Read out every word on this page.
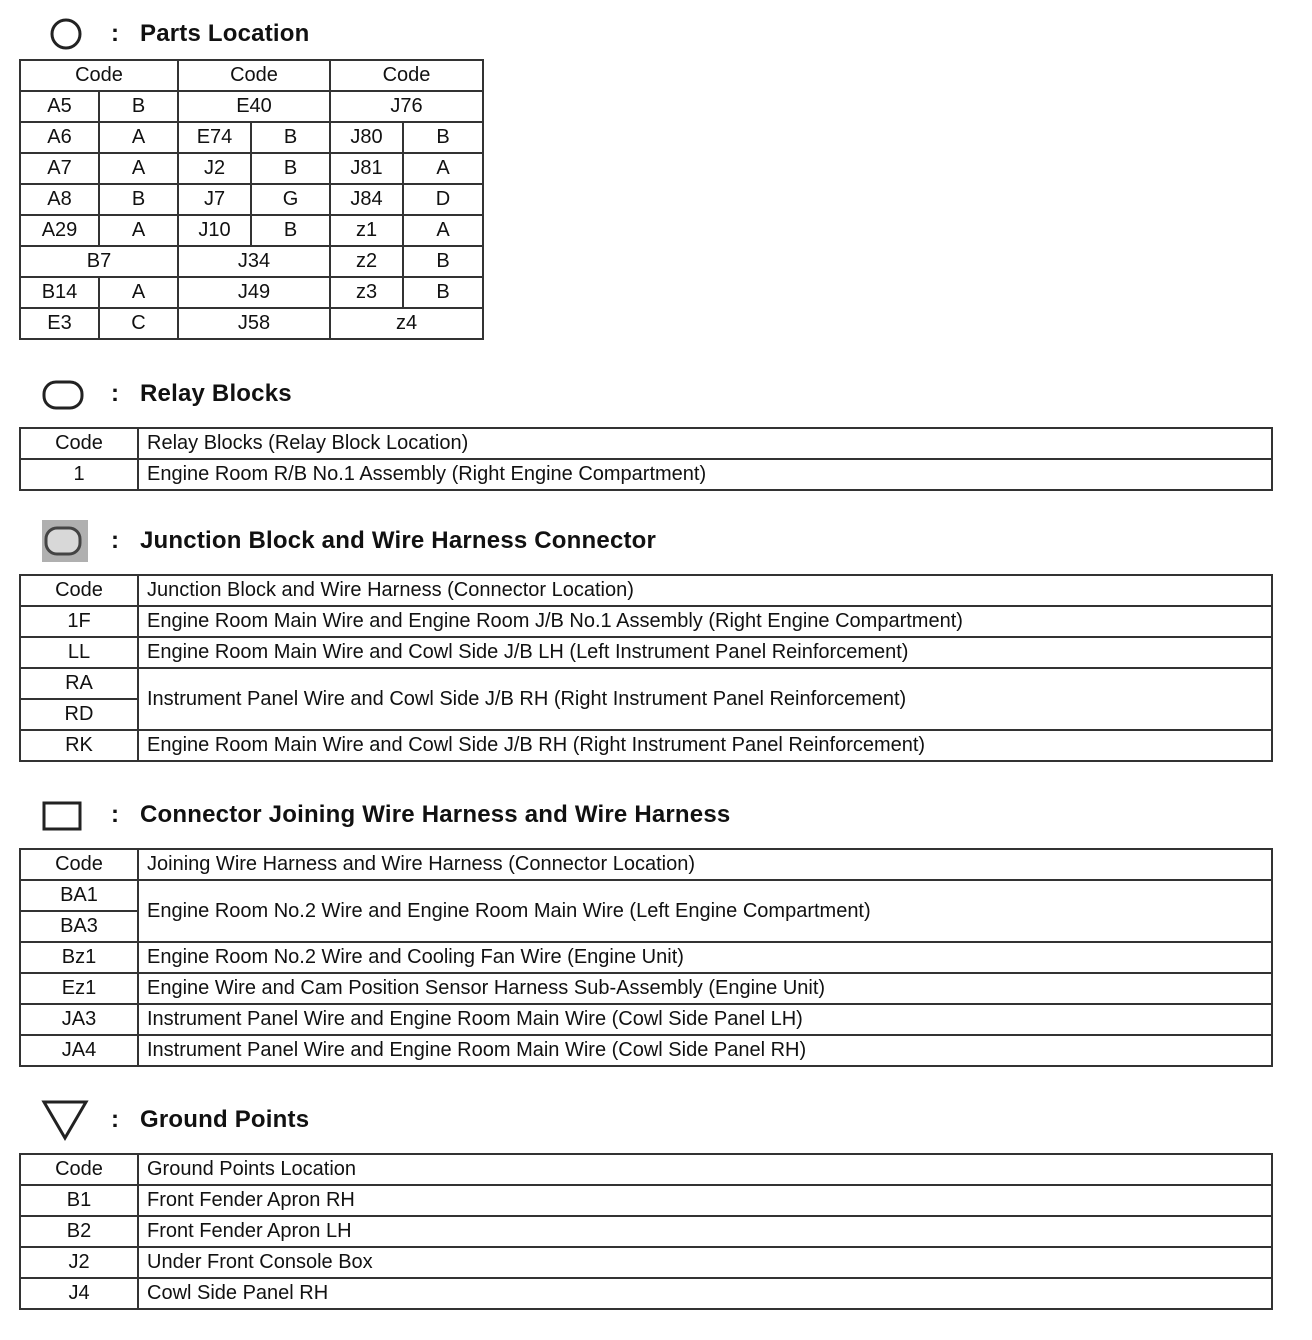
: Parts Location
Code		Code		Code	
A5	B	E40		J76	
A6	A	E74	B	J80	B
A7	A	J2	B	J81	A
A8	B	J7	G	J84	D
A29	A	J10	B	z1	A
B7		J34		z2	B
B14	A	J49		z3	B
E3	C	J58		z4	
: Relay Blocks
Code	Relay Blocks (Relay Block Location)
1	Engine Room R/B No.1 Assembly (Right Engine Compartment)
: Junction Block and Wire Harness Connector
Code	Junction Block and Wire Harness (Connector Location)
1F	Engine Room Main Wire and Engine Room J/B No.1 Assembly (Right Engine Compartment)
LL	Engine Room Main Wire and Cowl Side J/B LH (Left Instrument Panel Reinforcement)
RA	Instrument Panel Wire and Cowl Side J/B RH (Right Instrument Panel Reinforcement)
RD	
RK	Engine Room Main Wire and Cowl Side J/B RH (Right Instrument Panel Reinforcement)
: Connector Joining Wire Harness and Wire Harness
Code	Joining Wire Harness and Wire Harness (Connector Location)
BA1	Engine Room No.2 Wire and Engine Room Main Wire (Left Engine Compartment)
BA3	
Bz1	Engine Room No.2 Wire and Cooling Fan Wire (Engine Unit)
Ez1	Engine Wire and Cam Position Sensor Harness Sub-Assembly (Engine Unit)
JA3	Instrument Panel Wire and Engine Room Main Wire (Cowl Side Panel LH)
JA4	Instrument Panel Wire and Engine Room Main Wire (Cowl Side Panel RH)
: Ground Points
Code	Ground Points Location
B1	Front Fender Apron RH
B2	Front Fender Apron LH
J2	Under Front Console Box
J4	Cowl Side Panel RH
